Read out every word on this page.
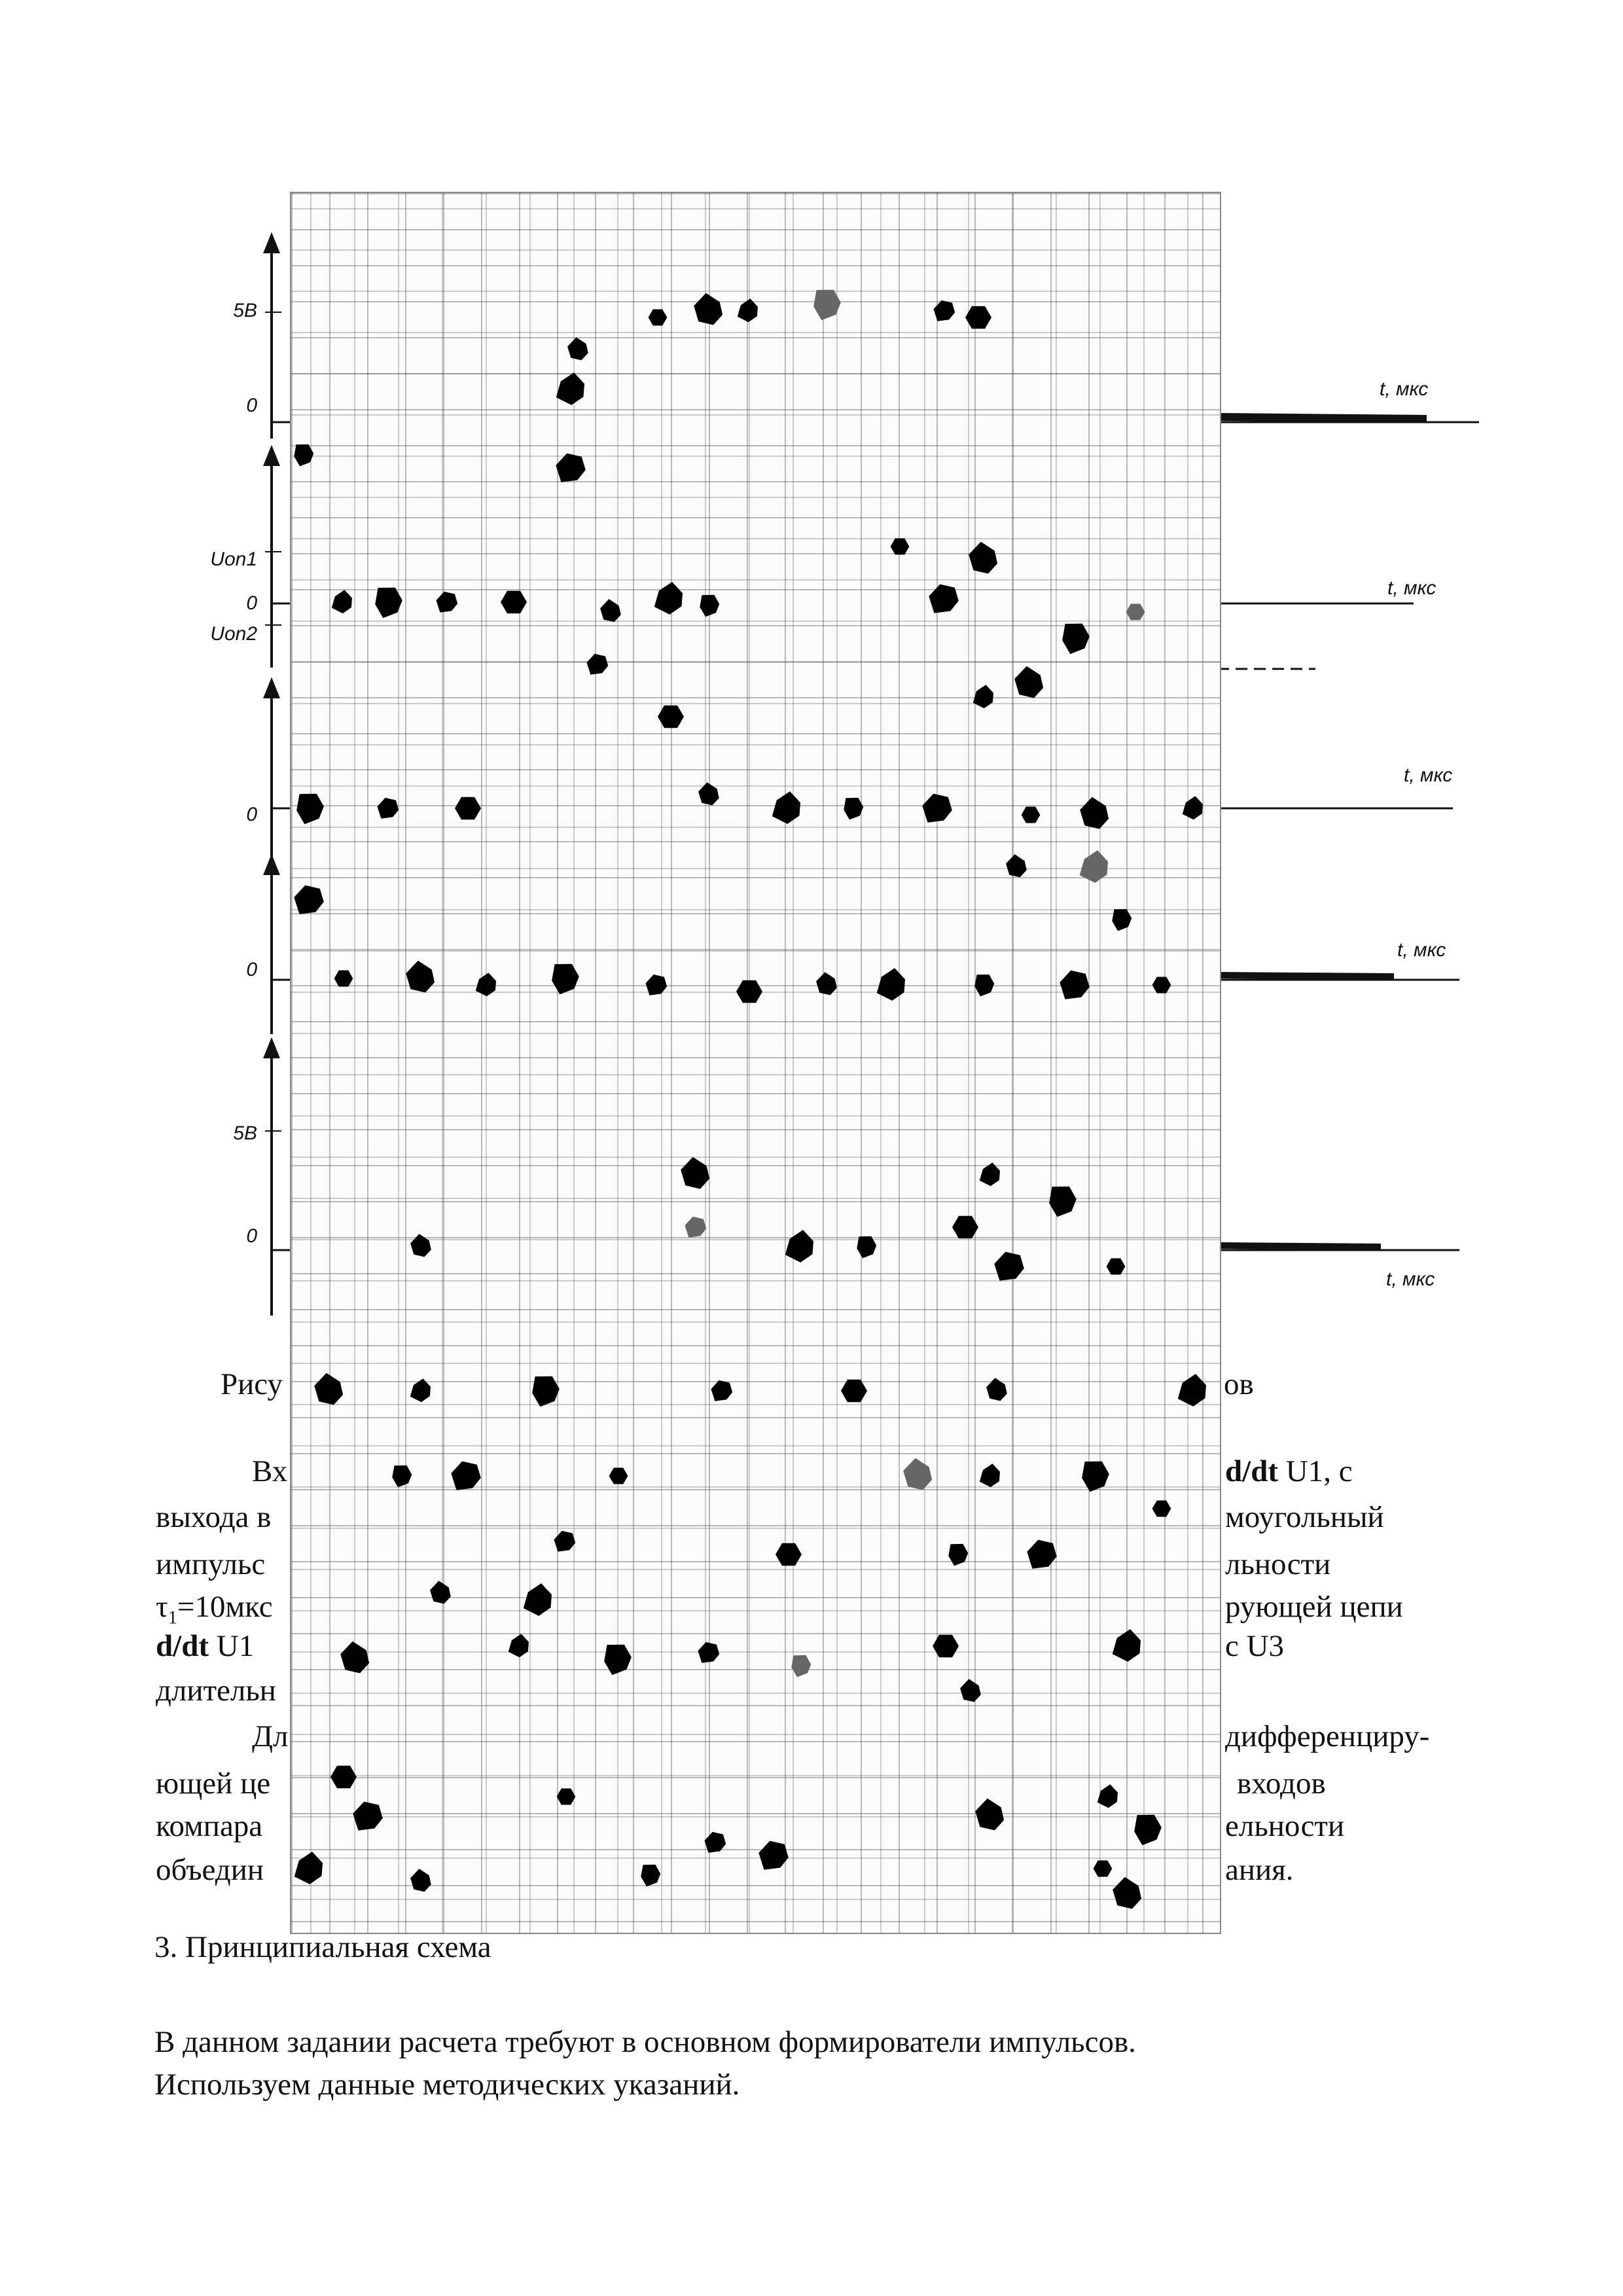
5В
0
Uon1
0
Uon2
0
0
5В
0
t, мкс
t, мкс
t, мкс
t, мкс
t, мкс
Рису	ов
Вх	d/dt U1, с
выхода в	моугольный
импульс	льности
$\tau_1=10мкс$	рующей цепи
d/dt U1	с U3
длительн
Дл	дифференциру-
ющей це	входов
компара	ельности
объедин	ания.
3. Принципиальная схема
В данном задании расчета требуют в основном формирователи импульсов.
Используем данные методических указаний.
